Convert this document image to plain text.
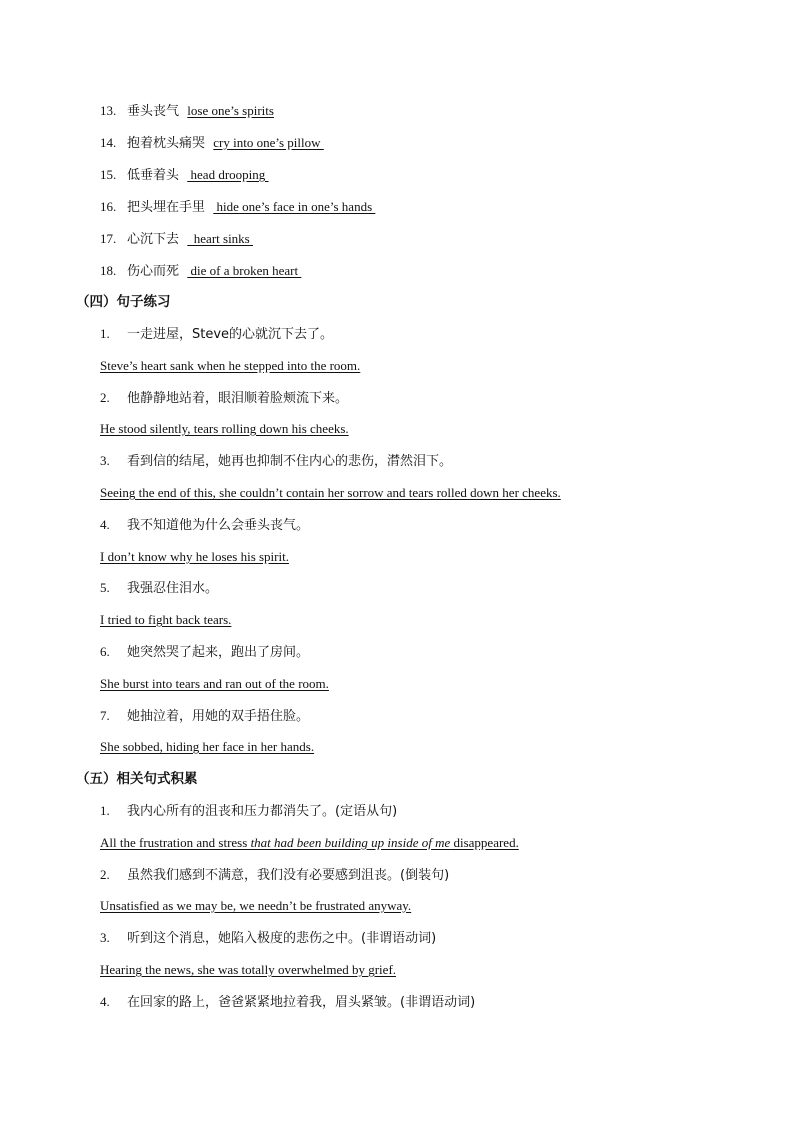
13. 垂头丧气 lose one’s spirits
14. 抱着枕头痛哭 cry into one’s pillow
15. 低垂着头   head drooping
16. 把头埋在手里   hide one’s face in one’s hands
17. 心沉下去    heart sinks
18. 伤心而死   die of a broken heart
（四）句子练习
1. 一走进屋，Steve的心就沉下去了。
Steve’s heart sank when he stepped into the room.
2. 他静静地站着，眼泪顺着脸颊流下来。
He stood silently, tears rolling down his cheeks.
3. 看到信的结尾，她再也抑制不住内心的悲伤，潸然泪下。
Seeing the end of this, she couldn’t contain her sorrow and tears rolled down her cheeks.
4. 我不知道他为什么会垂头丧气。
I don’t know why he loses his spirit.
5. 我强忍住泪水。
I tried to fight back tears.
6. 她突然哭了起来，跑出了房间。
She burst into tears and ran out of the room.
7. 她抽泣着，用她的双手捂住脸。
She sobbed, hiding her face in her hands.
（五）相关句式积累
1. 我内心所有的沮丧和压力都消失了。(定语从句)
All the frustration and stress that had been building up inside of me disappeared.
2. 虽然我们感到不满意，我们没有必要感到沮丧。(倒装句)
Unsatisfied as we may be, we needn’t be frustrated anyway.
3. 听到这个消息，她陷入极度的悲伤之中。(非谓语动词)
Hearing the news, she was totally overwhelmed by grief.
4. 在回家的路上，爸爸紧紧地拉着我，眉头紧皱。(非谓语动词)
